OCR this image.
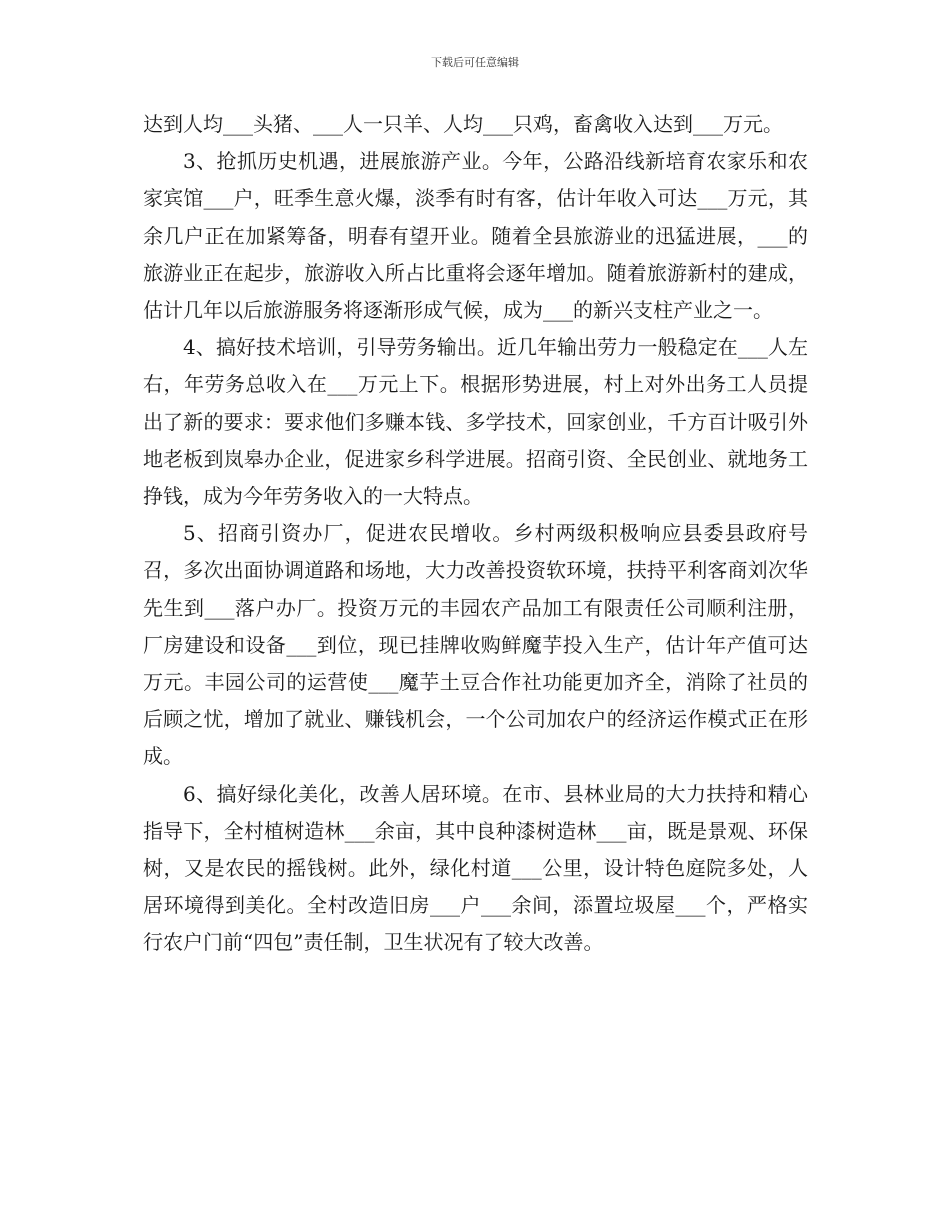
下载后可任意编辑

达到人均___头猪、___人一只羊、人均___只鸡，畜禽收入达到___万元。

3、抢抓历史机遇，进展旅游产业。今年，公路沿线新培育农家乐和农家宾馆___户，旺季生意火爆，淡季有时有客，估计年收入可达___万元，其余几户正在加紧筹备，明春有望开业。随着全县旅游业的迅猛进展，___的旅游业正在起步，旅游收入所占比重将会逐年增加。随着旅游新村的建成，估计几年以后旅游服务将逐渐形成气候，成为___的新兴支柱产业之一。

4、搞好技术培训，引导劳务输出。近几年输出劳力一般稳定在___人左右，年劳务总收入在___万元上下。根据形势进展，村上对外出务工人员提出了新的要求：要求他们多赚本钱、多学技术，回家创业，千方百计吸引外地老板到岚皋办企业，促进家乡科学进展。招商引资、全民创业、就地务工挣钱，成为今年劳务收入的一大特点。

5、招商引资办厂，促进农民增收。乡村两级积极响应县委县政府号召，多次出面协调道路和场地，大力改善投资软环境，扶持平利客商刘次华先生到___落户办厂。投资万元的丰园农产品加工有限责任公司顺利注册，厂房建设和设备___到位，现已挂牌收购鲜魔芋投入生产，估计年产值可达万元。丰园公司的运营使___魔芋土豆合作社功能更加齐全，消除了社员的后顾之忧，增加了就业、赚钱机会，一个公司加农户的经济运作模式正在形成。

6、搞好绿化美化，改善人居环境。在市、县林业局的大力扶持和精心指导下，全村植树造林___余亩，其中良种漆树造林___亩，既是景观、环保树，又是农民的摇钱树。此外，绿化村道___公里，设计特色庭院多处，人居环境得到美化。全村改造旧房___户___余间，添置垃圾屋___个，严格实行农户门前“四包”责任制，卫生状况有了较大改善。
